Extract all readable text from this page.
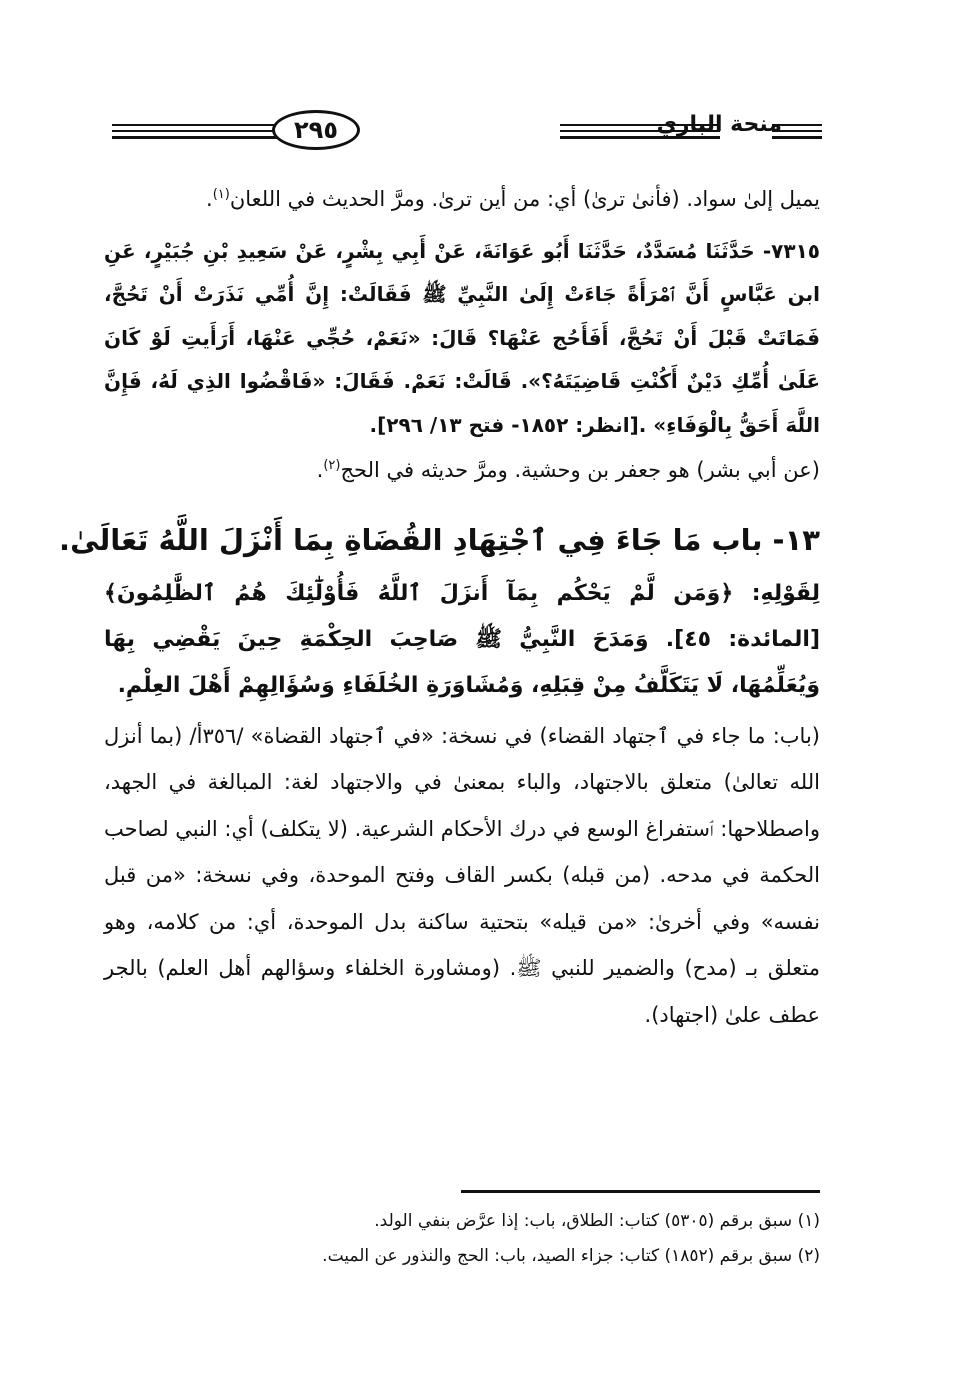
٢٩٥	منحة الباري

يميل إلىٰ سواد. (فأنىٰ ترىٰ) أي: من أين ترىٰ. ومرَّ الحديث في اللعان$^{(١)}$.

٧٣١٥- حَدَّثَنَا مُسَدَّدٌ، حَدَّثَنَا أَبُو عَوَانَةَ، عَنْ أَبِي بِشْرٍ، عَنْ سَعِيدِ بْنِ جُبَيْرٍ، عَنِ ابن عَبَّاسٍ أَنَّ ٱمْرَأَةً جَاءَتْ إِلَىٰ النَّبِيِّ ﷺ فَقَالَتْ: إِنَّ أُمِّي نَذَرَتْ أَنْ تَحُجَّ، فَمَاتَتْ قَبْلَ أَنْ تَحُجَّ، أَفَأَحُج عَنْهَا؟ قَالَ: «نَعَمْ، حُجِّي عَنْهَا، أَرَأَيتِ لَوْ كَانَ عَلَىٰ أُمِّكِ دَيْنٌ أَكُنْتِ قَاضِيَتَهُ؟». قَالَتْ: نَعَمْ. فَقَالَ: «فَاقْضُوا الذِي لَهُ، فَإِنَّ اللَّهَ أَحَقُّ بِالْوَفَاءِ» .[انظر: ١٨٥٢- فتح ١٣/ ٢٩٦].

(عن أبي بشر) هو جعفر بن وحشية. ومرَّ حديثه في الحج$^{(٢)}$.

١٣- باب مَا جَاءَ فِي ٱجْتِهَادِ القُضَاةِ بِمَا أَنْزَلَ اللَّهُ تَعَالَىٰ.

لِقَوْلِهِ: ﴿وَمَن لَّمْ يَحْكُم بِمَآ أَنزَلَ ٱللَّهُ فَأُوْلَٰٓئِكَ هُمُ ٱلظَّٰلِمُونَ﴾ [المائدة: ٤٥]. وَمَدَحَ النَّبِيُّ ﷺ صَاحِبَ الحِكْمَةِ حِينَ يَقْضِي بِهَا وَيُعَلِّمُهَا، لَا يَتَكَلَّفُ مِنْ قِبَلِهِ، وَمُشَاوَرَةِ الخُلَفَاءِ وَسُؤَالِهِمْ أَهْلَ العِلْمِ.

(باب: ما جاء في ٱجتهاد القضاء) في نسخة: «في ٱجتهاد القضاة» /٣٥٦أ/ (بما أنزل الله تعالىٰ) متعلق بالاجتهاد، والباء بمعنىٰ في والاجتهاد لغة: المبالغة في الجهد، واصطلاحها: ٱستفراغ الوسع في درك الأحكام الشرعية. (لا يتكلف) أي: النبي لصاحب الحكمة في مدحه. (من قبله) بكسر القاف وفتح الموحدة، وفي نسخة: «من قبل نفسه» وفي أخرىٰ: «من قيله» بتحتية ساكنة بدل الموحدة، أي: من كلامه، وهو متعلق بـ (مدح) والضمير للنبي ﷺ. (ومشاورة الخلفاء وسؤالهم أهل العلم) بالجر عطف علىٰ (اجتهاد).

(١) سبق برقم (٥٣٠٥) كتاب: الطلاق، باب: إذا عرَّض بنفي الولد.

(٢) سبق برقم (١٨٥٢) كتاب: جزاء الصيد، باب: الحج والنذور عن الميت.
